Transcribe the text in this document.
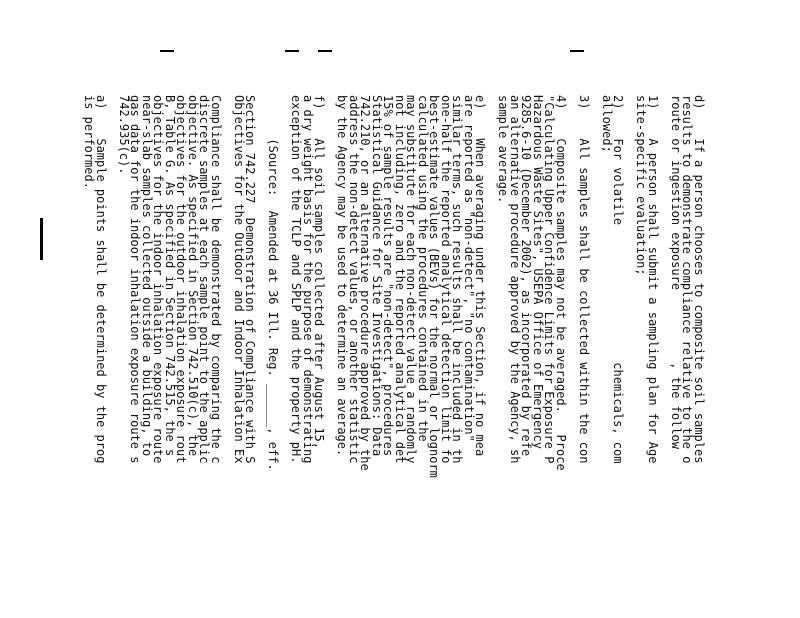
d)    If a person chooses to composite soil samples
results to demonstrate compliance relative to the o
route or ingestion exposure          , the follow
1)    A person shall submit a sampling plan for Age
site-specific evaluation;
2)    For volatile                   chemicals, com
allowed;
3)    All samples shall be collected within the con
4)    Composite samples may not be averaged.   Proce
"Calculating Upper Confidence Limits for Exposure P
Hazardous Waste Sites", USEPA Office of Emergency
9285.6-10 (December 2002), as incorporated by refe
an alternative procedure approved by the Agency, sh
sample average.
e)    When averaging under this Section, if no mea
are reported as "non-detect", "no contamination"
similar terms, such results shall be included in th
one-half the reported analytical detection limit fo
best-estimate values (BEVs) for the normal or lognorm
calculated using the procedures contained in the
may substitute for each non-detect value a randomly
not including, zero and the reported analytical det
15% of sample results are "non-detect", procedures
Statistical Guidance for Site Investigations: Data
742.210, or an alternative procedure approved by the
address the non-detect values, or another statistic
by the Agency may be used to determine an average.
f)    All soil samples collected after August 15,
a dry weight basis for the purpose of demonstrating
exception of the TCLP and SPLP and the property pH.
(Source:  Amended at 36 Ill. Reg. ______, eff.
Section 742.227  Demonstration of Compliance with S
Objectives for the Outdoor and Indoor Inhalation Ex
Compliance shall be demonstrated by comparing the c
discrete samples at each sample point to the applic
objective. As specified in Section 742.510(c), the
objectives for the outdoor inhalation exposure rout
B, Table G. As specified in Section 742.515, the s
objectives for the indoor inhalation exposure route
near-slab samples collected outside a building, to
gas data for the indoor inhalation exposure route s
742.935(c).
a)    Sample points shall be determined by the prog
is performed.
